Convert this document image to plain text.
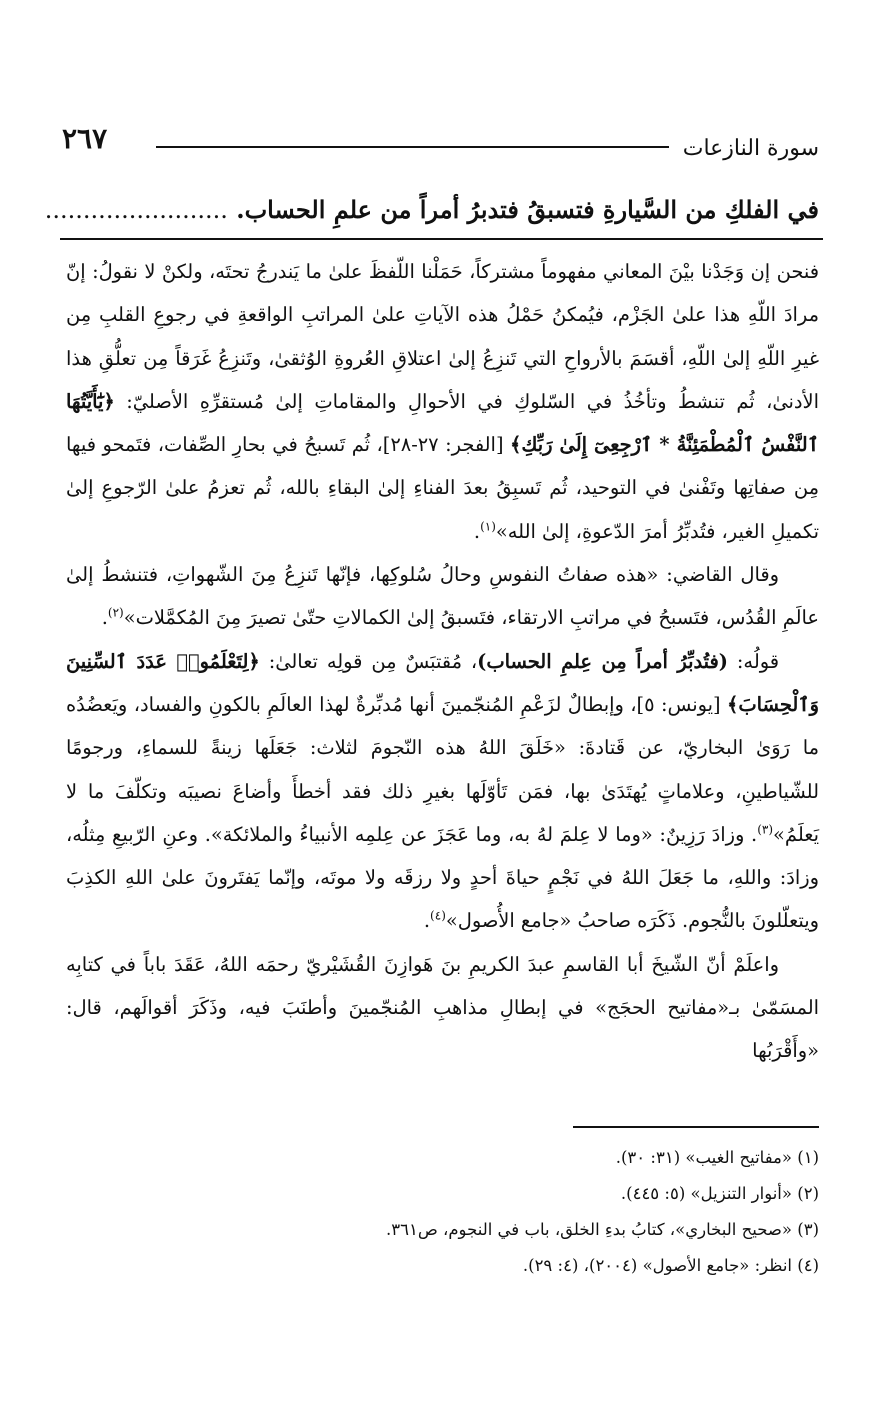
سورة النازعات
٢٦٧
في الفلكِ من السَّيارةِ فتسبقُ فتدبرُ أمراً من علمِ الحساب. ........................

فنحن إن وَجَدْنا بيْنَ المعاني مفهوماً مشتركاً، حَمَلْنا اللّفظَ علىٰ ما يَندرجُ تحتَه، ولكنْ لا نقولُ: إنّ مرادَ اللّهِ هذا علىٰ الجَزْم، فيُمكنُ حَمْلُ هذه الآياتِ علىٰ المراتبِ الواقعةِ في رجوعِ القلبِ مِن غيرِ اللّهِ إلىٰ اللّهِ، أقسَمَ بالأرواحِ التي تَنزِعُ إلىٰ اعتلاقِ العُروةِ الوُثقىٰ، وتَنزِعُ غَرَقاً مِن تعلُّقِ هذا الأدنىٰ، ثُم تنشطُ وتأخُذُ في السّلوكِ في الأحوالِ والمقاماتِ إلىٰ مُستقرِّهِ الأصليّ: ﴿يَٰٓأَيَّتُهَا ٱلنَّفْسُ ٱلْمُطْمَئِنَّةُ * ٱرْجِعِىٓ إِلَىٰ رَبِّكِ﴾ [الفجر: ٢٧-٢٨]، ثُم تَسبحُ في بحارِ الصِّفات، فتَمحو فيها مِن صفاتِها وتَفْنىٰ في التوحيد، ثُم تَسبِقُ بعدَ الفناءِ إلىٰ البقاءِ بالله، ثُم تعزمُ علىٰ الرّجوعِ إلىٰ تكميلِ الغير، فتُدبِّرُ أمرَ الدّعوةِ، إلىٰ الله»$^{(١)}$.

وقال القاضي: «هذه صفاتُ النفوسِ وحالُ سُلوكِها، فإنّها تَنزِعُ مِنَ الشّهواتِ، فتنشطُ إلىٰ عالَمِ القُدُس، فتَسبحُ في مراتبِ الارتقاء، فتَسبقُ إلىٰ الكمالاتِ حتّىٰ تصيرَ مِنَ المُكمَّلات»$^{(٢)}$.

قولُه: (فتُدبِّرُ أمراً مِن عِلمِ الحساب)، مُقتبَسٌ مِن قولِه تعالىٰ: ﴿لِتَعْلَمُوا۟ عَدَدَ ٱلسِّنِينَ وَٱلْحِسَابَ﴾ [يونس: ٥]، وإبطالٌ لزَعْمِ المُنجّمينَ أنها مُدبِّرةٌ لهذا العالَمِ بالكونِ والفساد، ويَعضُدُه ما رَوَىٰ البخاريّ، عن قَتادةَ: «خَلَقَ اللهُ هذه النّجومَ لثلاث: جَعَلَها زينةً للسماءِ، ورجومًا للشّياطينِ، وعلاماتٍ يُهتَدَىٰ بها، فمَن تَأوّلَها بغيرِ ذلك فقد أخطأَ وأضاعَ نصيبَه وتكلّفَ ما لا يَعلَمُ»$^{(٣)}$. وزادَ رَزِينٌ: «وما لا عِلمَ لهُ به، وما عَجَزَ عن عِلمِه الأنبياءُ والملائكة». وعنِ الرّبيعِ مِثلُه، وزادَ: واللهِ، ما جَعَلَ اللهُ في نَجْمٍ حياةَ أحدٍ ولا رزقَه ولا موتَه، وإنّما يَفتَرونَ علىٰ اللهِ الكذِبَ ويتعلّلونَ بالنُّجوم. ذَكَرَه صاحبُ «جامع الأُصول»$^{(٤)}$.

واعلَمْ أنّ الشّيخَ أبا القاسمِ عبدَ الكريمِ بنَ هَوازِنَ القُشَيْريّ رحمَه اللهُ، عَقَدَ باباً في كتابِه المسَمّىٰ بـ«مفاتيح الحجَج» في إبطالِ مذاهبِ المُنجّمينَ وأطنَبَ فيه، وذَكَرَ أقوالَهم، قال: «وأَقْرَبُها

(١) «مفاتيح الغيب» (٣١: ٣٠).
(٢) «أنوار التنزيل» (٥: ٤٤٥).
(٣) «صحيح البخاري»، كتابُ بدءِ الخلق، باب في النجوم، ص٣٦١.
(٤) انظر: «جامع الأصول» (٢٠٠٤)، (٤: ٢٩).
